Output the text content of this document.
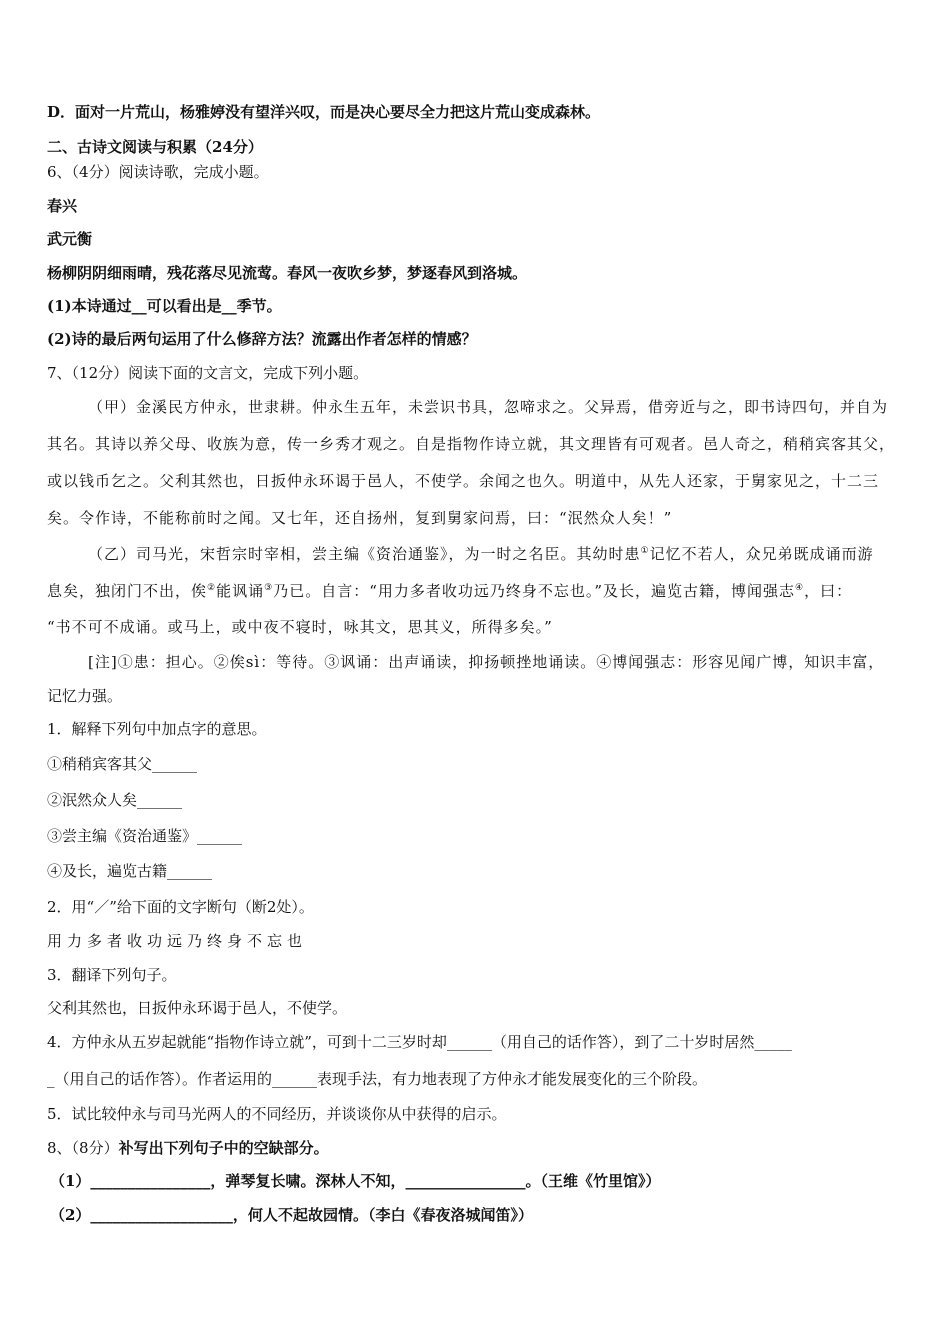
D．面对一片荒山，杨雅婷没有望洋兴叹，而是决心要尽全力把这片荒山变成森林。
二、古诗文阅读与积累（24分）
6、（4分）阅读诗歌，完成小题。
春兴
武元衡
杨柳阴阴细雨晴，残花落尽见流莺。春风一夜吹乡梦，梦逐春风到洛城。
(1)本诗通过__可以看出是__季节。
(2)诗的最后两句运用了什么修辞方法？流露出作者怎样的情感？
7、（12分）阅读下面的文言文，完成下列小题。
（甲）金溪民方仲永，世隶耕。仲永生五年，未尝识书具，忽啼求之。父异焉，借旁近与之，即书诗四句，并自为
其名。其诗以养父母、收族为意，传一乡秀才观之。自是指物作诗立就，其文理皆有可观者。邑人奇之，稍稍宾客其父，
或以钱币乞之。父利其然也，日扳仲永环谒于邑人，不使学。余闻之也久。明道中，从先人还家，于舅家见之，十二三
矣。令作诗，不能称前时之闻。又七年，还自扬州，复到舅家问焉，曰：“泯然众人矣！”
（乙）司马光，宋哲宗时宰相，尝主编《资治通鉴》，为一时之名臣。其幼时患①记忆不若人，众兄弟既成诵而游
息矣，独闭门不出，俟②能讽诵③乃已。自言：“用力多者收功远乃终身不忘也。”及长，遍览古籍，博闻强志④，曰：
“书不可不成诵。或马上，或中夜不寝时，咏其文，思其义，所得多矣。”
[注]①患：担心。②俟sì：等待。③讽诵：出声诵读，抑扬顿挫地诵读。④博闻强志：形容见闻广博，知识丰富，
记忆力强。
1．解释下列句中加点字的意思。
①稍稍宾客其父______
②泯然众人矣______
③尝主编《资治通鉴》______
④及长，遍览古籍______
2．用“／”给下面的文字断句（断2处）。
用力多者收功远乃终身不忘也
3．翻译下列句子。
父利其然也，日扳仲永环谒于邑人，不使学。
4．方仲永从五岁起就能“指物作诗立就”，可到十二三岁时却______（用自己的话作答），到了二十岁时居然_____
_（用自己的话作答）。作者运用的______表现手法，有力地表现了方仲永才能发展变化的三个阶段。
5．试比较仲永与司马光两人的不同经历，并谈谈你从中获得的启示。
8、（8分）补写出下列句子中的空缺部分。
（1）________________，弹琴复长啸。深林人不知，________________。（王维《竹里馆》）
（2）___________________，何人不起故园情。（李白《春夜洛城闻笛》）
